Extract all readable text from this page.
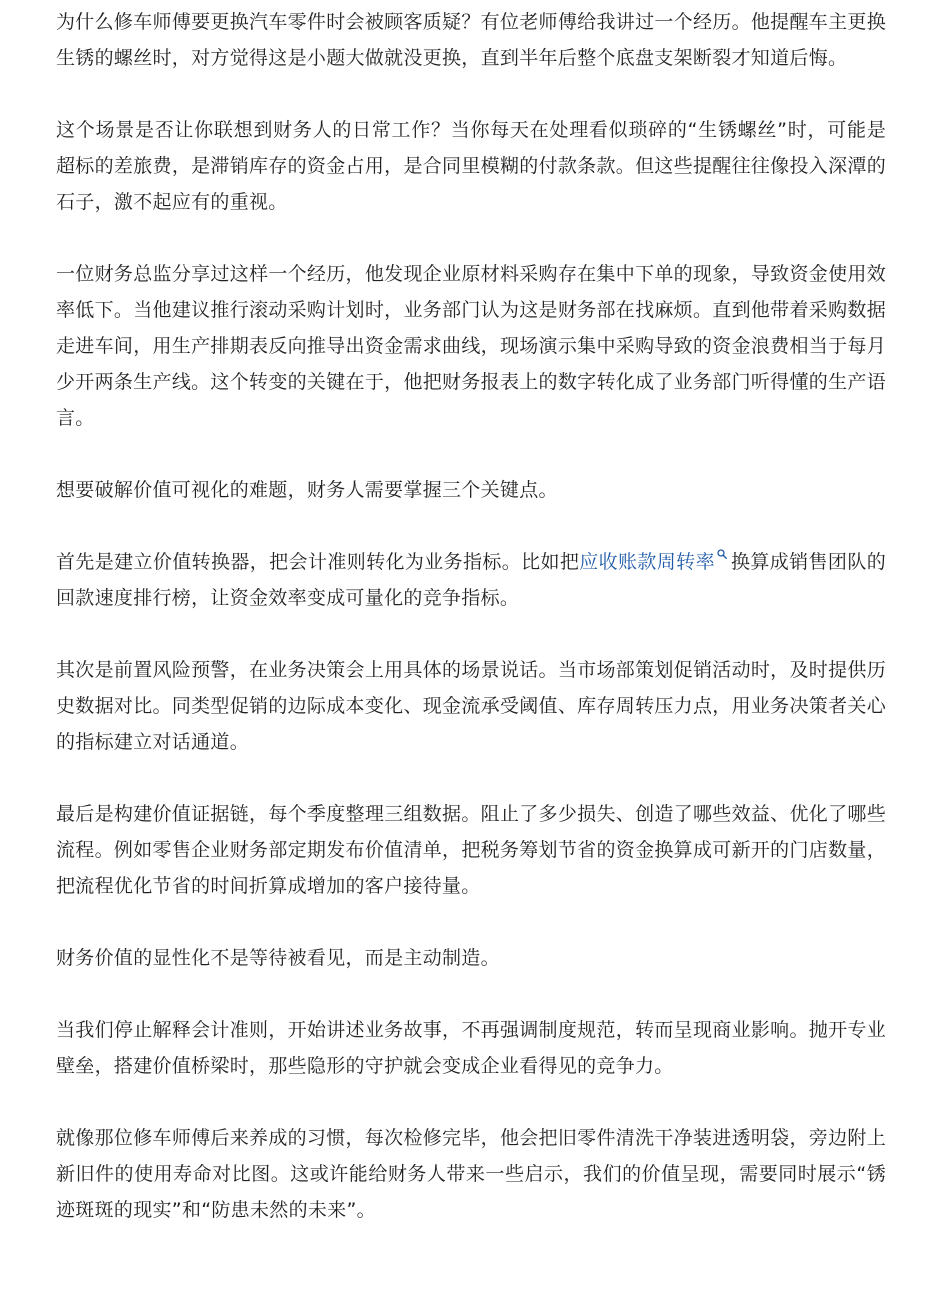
为什么修车师傅要更换汽车零件时会被顾客质疑？有位老师傅给我讲过一个经历。他提醒车主更换生锈的螺丝时，对方觉得这是小题大做就没更换，直到半年后整个底盘支架断裂才知道后悔。

这个场景是否让你联想到财务人的日常工作？当你每天在处理看似琐碎的“生锈螺丝”时，可能是超标的差旅费，是滞销库存的资金占用，是合同里模糊的付款条款。但这些提醒往往像投入深潭的石子，激不起应有的重视。

一位财务总监分享过这样一个经历，他发现企业原材料采购存在集中下单的现象，导致资金使用效率低下。当他建议推行滚动采购计划时，业务部门认为这是财务部在找麻烦。直到他带着采购数据走进车间，用生产排期表反向推导出资金需求曲线，现场演示集中采购导致的资金浪费相当于每月少开两条生产线。这个转变的关键在于，他把财务报表上的数字转化成了业务部门听得懂的生产语言。

想要破解价值可视化的难题，财务人需要掌握三个关键点。

首先是建立价值转换器，把会计准则转化为业务指标。比如把应收账款周转率 换算成销售团队的回款速度排行榜，让资金效率变成可量化的竞争指标。

其次是前置风险预警，在业务决策会上用具体的场景说话。当市场部策划促销活动时，及时提供历史数据对比。同类型促销的边际成本变化、现金流承受阈值、库存周转压力点，用业务决策者关心的指标建立对话通道。

最后是构建价值证据链，每个季度整理三组数据。阻止了多少损失、创造了哪些效益、优化了哪些流程。例如零售企业财务部定期发布价值清单，把税务筹划节省的资金换算成可新开的门店数量，把流程优化节省的时间折算成增加的客户接待量。

财务价值的显性化不是等待被看见，而是主动制造。

当我们停止解释会计准则，开始讲述业务故事，不再强调制度规范，转而呈现商业影响。抛开专业壁垒，搭建价值桥梁时，那些隐形的守护就会变成企业看得见的竞争力。

就像那位修车师傅后来养成的习惯，每次检修完毕，他会把旧零件清洗干净装进透明袋，旁边附上新旧件的使用寿命对比图。这或许能给财务人带来一些启示，我们的价值呈现，需要同时展示“锈迹斑斑的现实”和“防患未然的未来”。
